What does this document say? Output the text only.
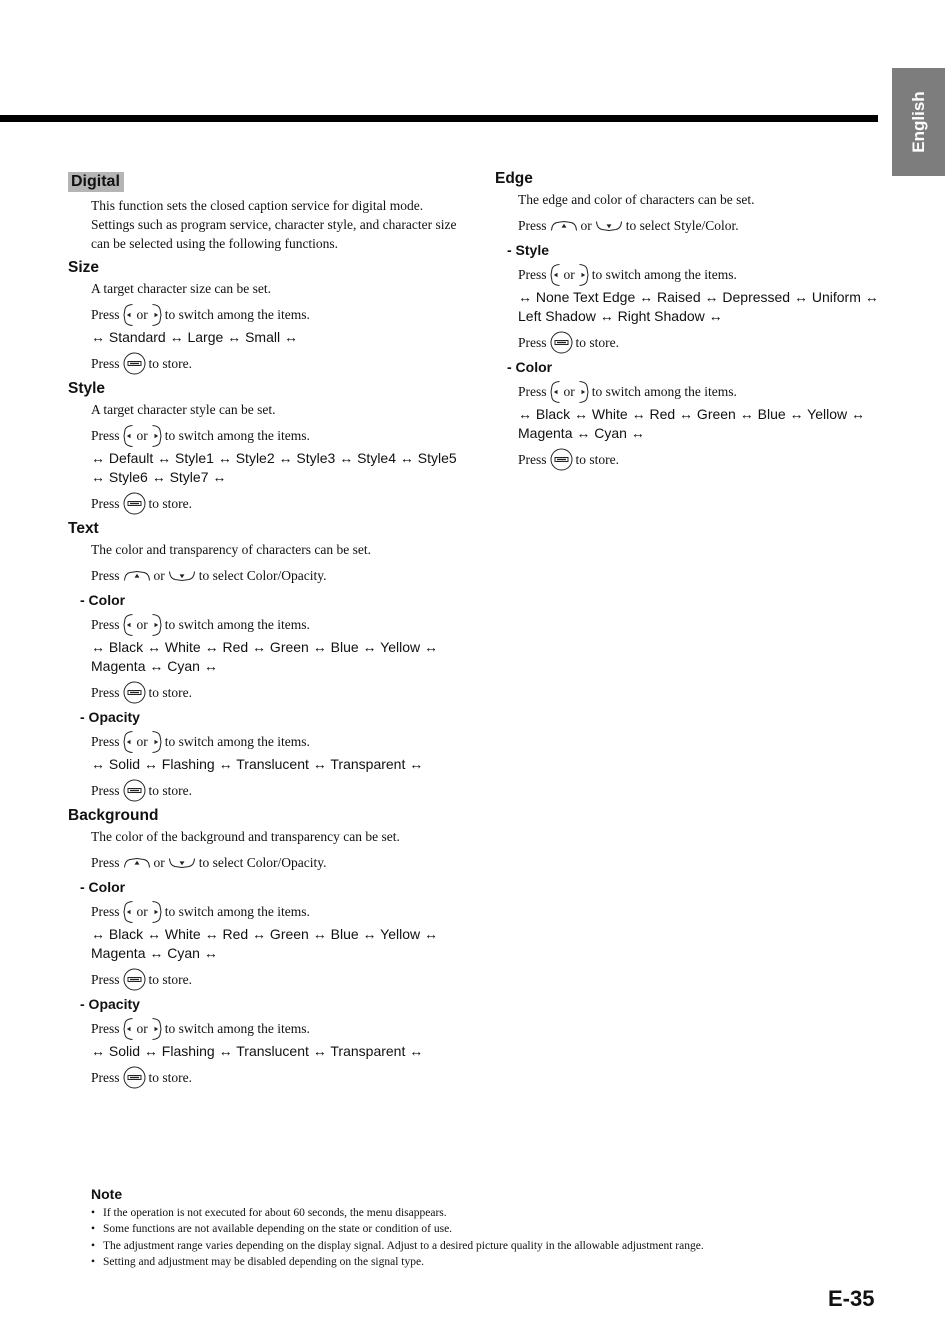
English
Digital
This function sets the closed caption service for digital mode. Settings such as program service, character style, and character size can be selected using the following functions.
Size
A target character size can be set.
Press or to switch among the items.
↔ Standard ↔ Large ↔ Small ↔
Press to store.
Style
A target character style can be set.
Press or to switch among the items.
↔ Default ↔ Style1 ↔ Style2 ↔ Style3 ↔ Style4 ↔ Style5 ↔ Style6 ↔ Style7 ↔
Press to store.
Text
The color and transparency of characters can be set.
Press	or	to select Color/Opacity.
- Color
Press or to switch among the items.
↔ Black ↔ White ↔ Red ↔ Green ↔ Blue ↔ Yellow ↔ Magenta ↔ Cyan ↔
Press to store.
- Opacity
Press or to switch among the items.
↔ Solid ↔ Flashing ↔ Translucent ↔ Transparent ↔
Press to store.
Background
The color of the background and transparency can be set.
Press	or	to select Color/Opacity.
- Color
Press or to switch among the items.
↔ Black ↔ White ↔ Red ↔ Green ↔ Blue ↔ Yellow ↔ Magenta ↔ Cyan ↔
Press to store.
- Opacity
Press or to switch among the items.
↔ Solid ↔ Flashing ↔ Translucent ↔ Transparent ↔
Press to store.
Edge
The edge and color of characters can be set.
Press	or	to select Style/Color.
- Style
Press or to switch among the items.
↔ None Text Edge ↔ Raised ↔ Depressed ↔ Uniform ↔ Left Shadow ↔ Right Shadow ↔
Press to store.
- Color
Press or to switch among the items.
↔ Black ↔ White ↔ Red ↔ Green ↔ Blue ↔ Yellow ↔ Magenta ↔ Cyan ↔
Press to store.
Note
• If the operation is not executed for about 60 seconds, the menu disappears.
• Some functions are not available depending on the state or condition of use.
• The adjustment range varies depending on the display signal. Adjust to a desired picture quality in the allowable adjustment range.
• Setting and adjustment may be disabled depending on the signal type.
E-35
